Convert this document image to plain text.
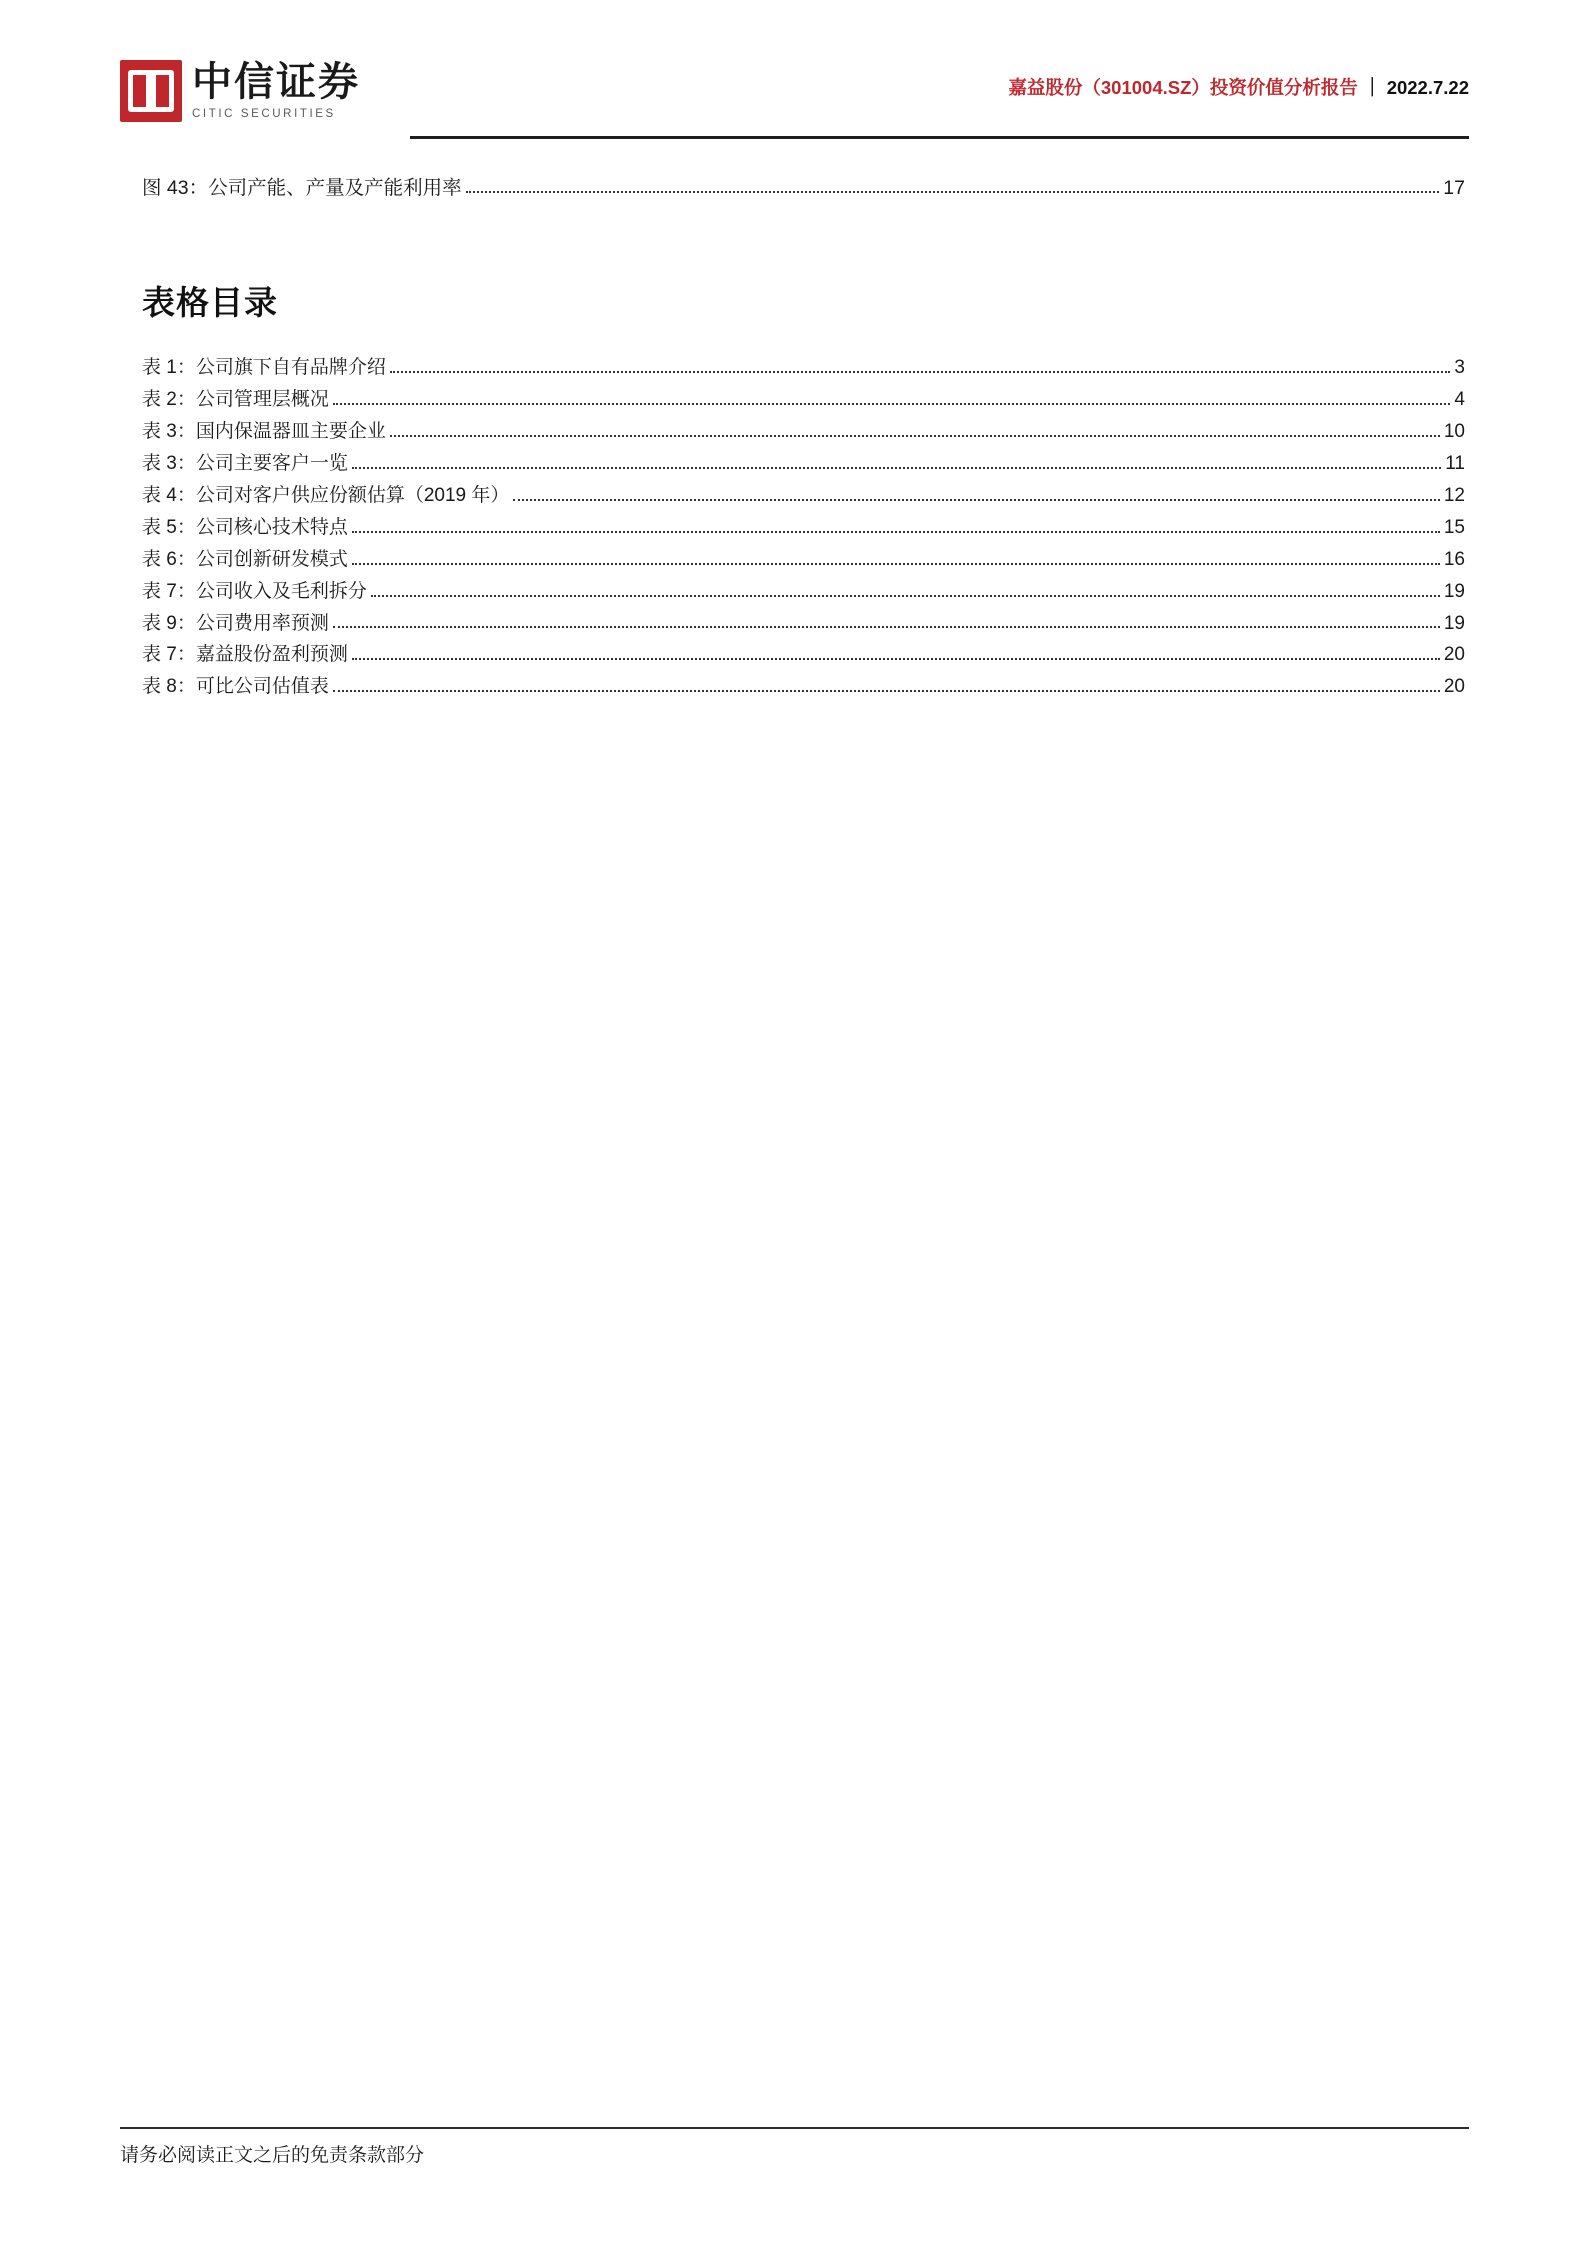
中信证券
CITIC SECURITIES
嘉益股份（301004.SZ）投资价值分析报告 ｜ 2022.7.22
图 43：公司产能、产量及产能利用率	17
表格目录
表 1：公司旗下自有品牌介绍	3
表 2：公司管理层概况	4
表 3：国内保温器皿主要企业	10
表 3：公司主要客户一览	11
表 4：公司对客户供应份额估算（2019 年）	12
表 5：公司核心技术特点	15
表 6：公司创新研发模式	16
表 7：公司收入及毛利拆分	19
表 9：公司费用率预测	19
表 7：嘉益股份盈利预测	20
表 8：可比公司估值表	20
请务必阅读正文之后的免责条款部分
